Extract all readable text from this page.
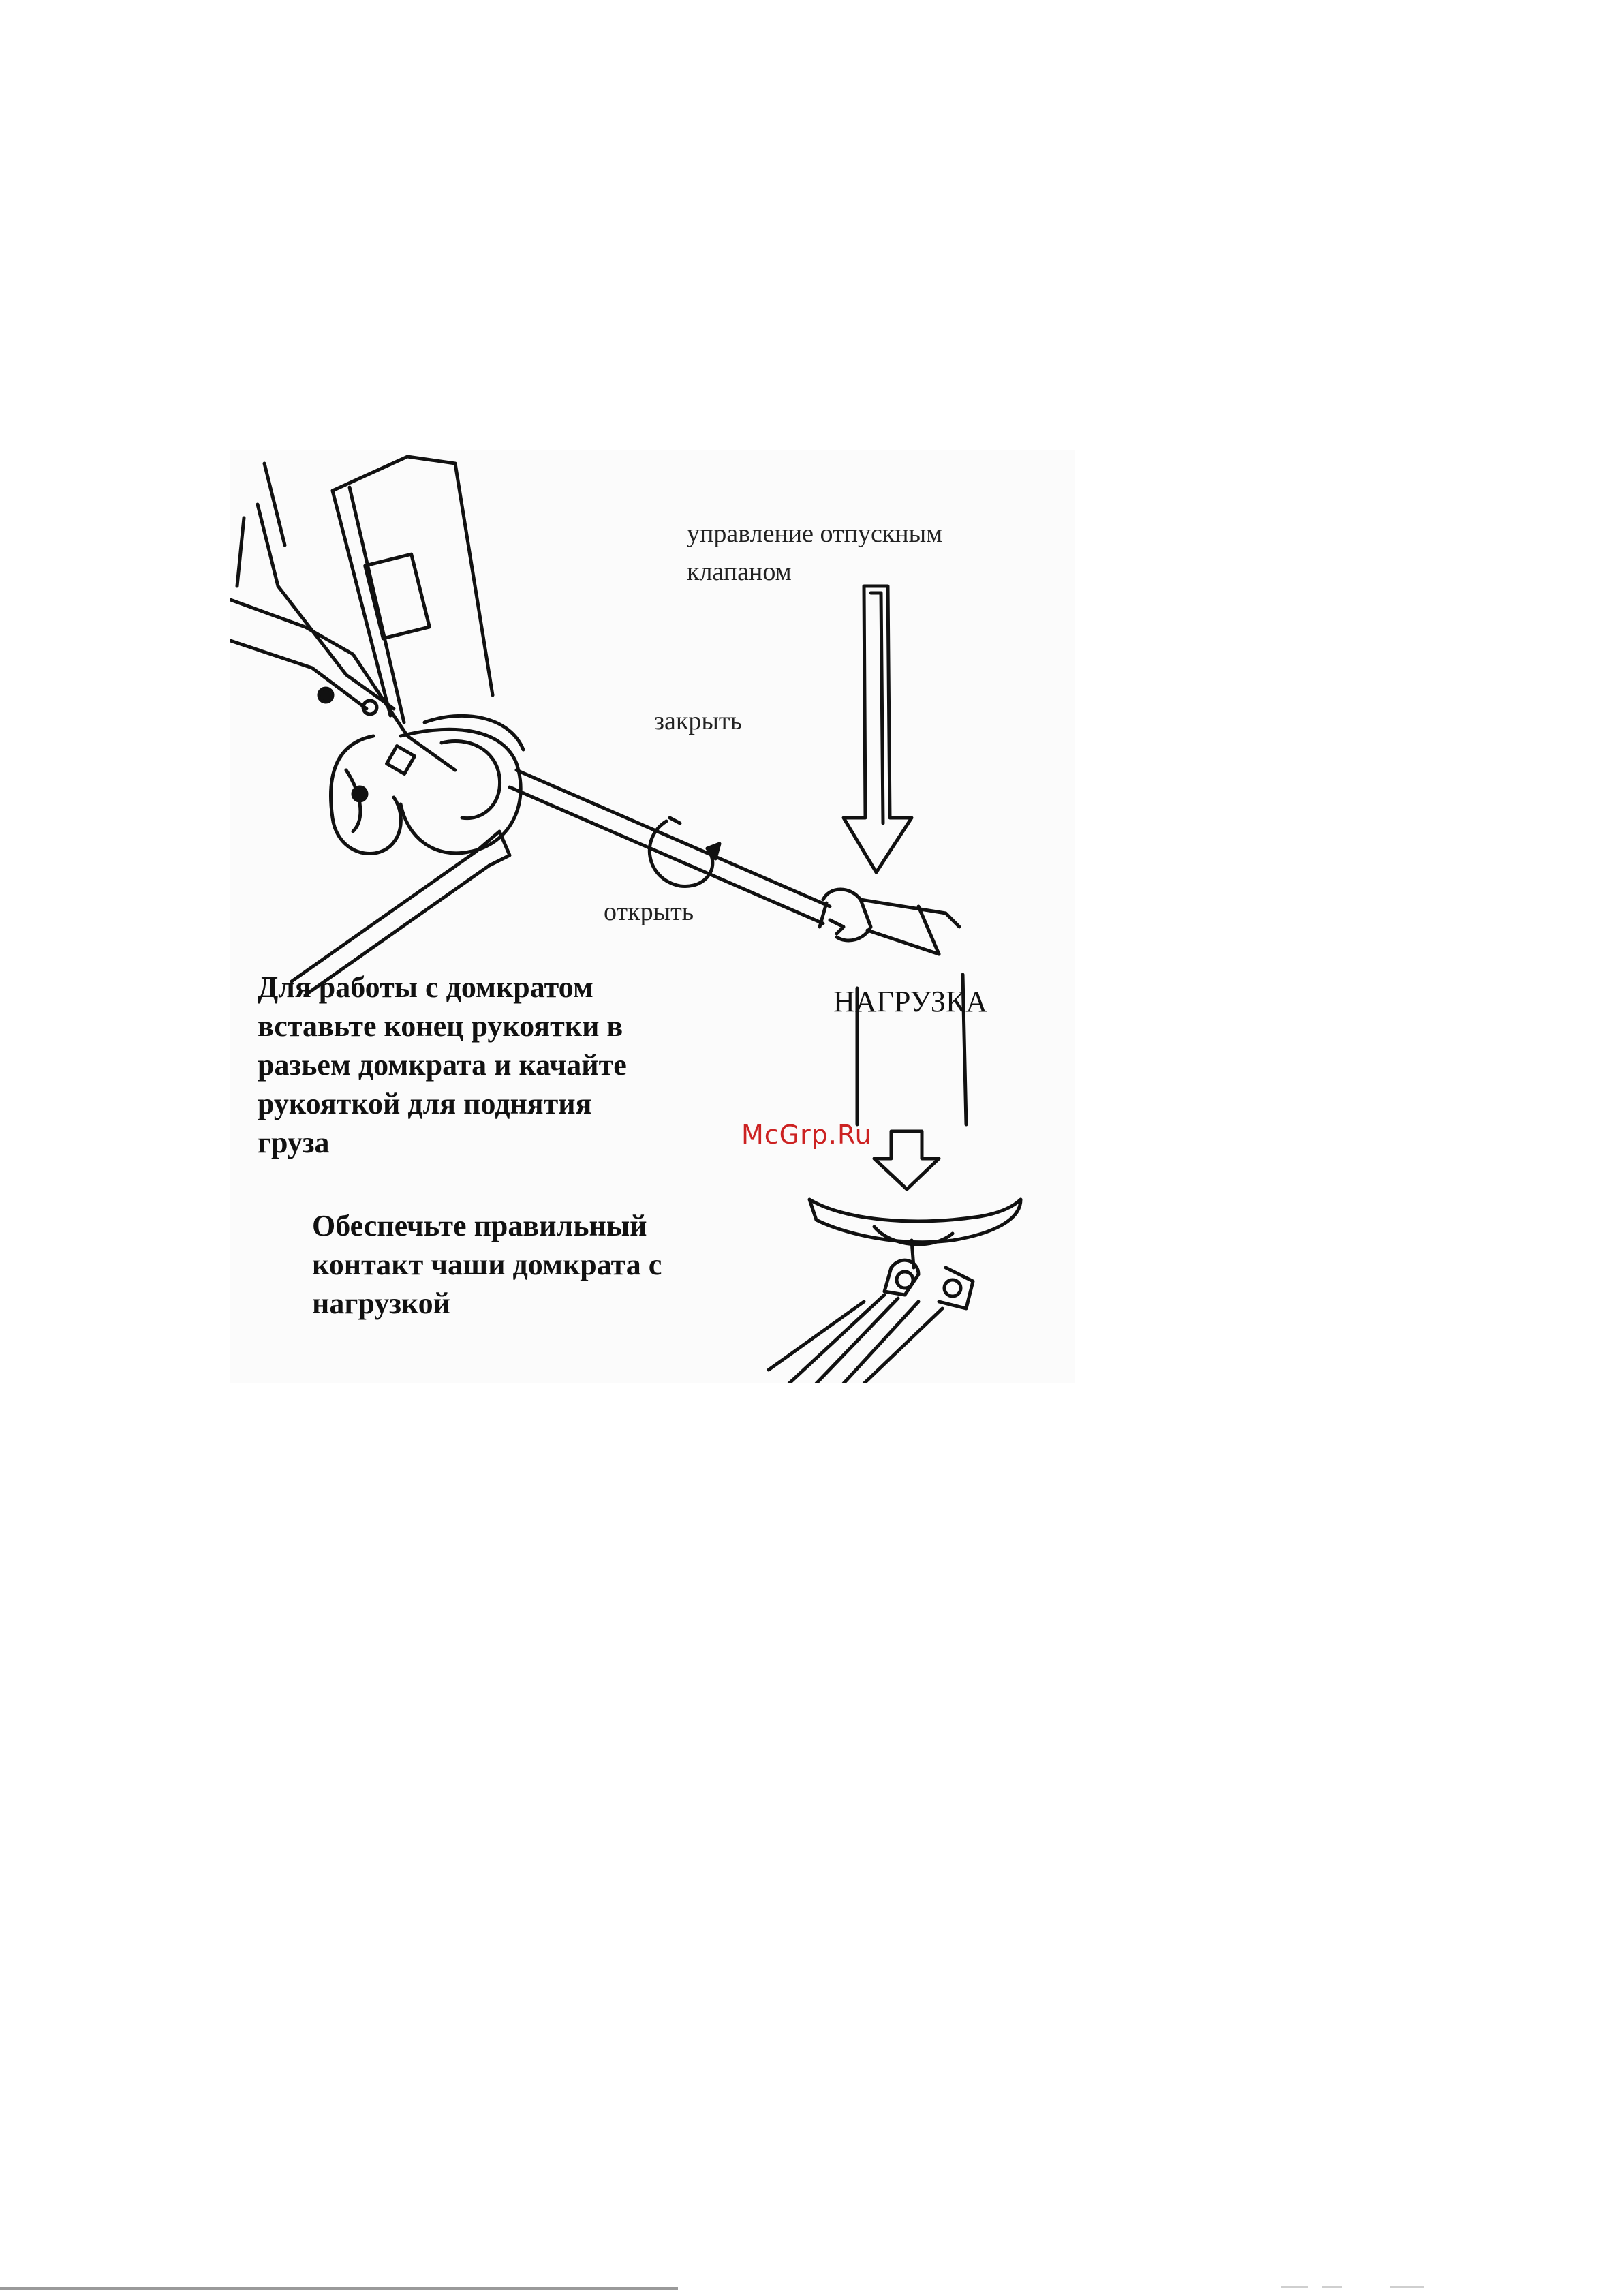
управление отпускным
клапаном
закрыть
открыть
НАГРУЗКА
Для работы с домкратом
вставьте конец рукоятки в
разьем домкрата и качайте
рукояткой для поднятия
груза
Обеспечьте правильный
контакт чаши домкрата с
нагрузкой
McGrp.Ru
